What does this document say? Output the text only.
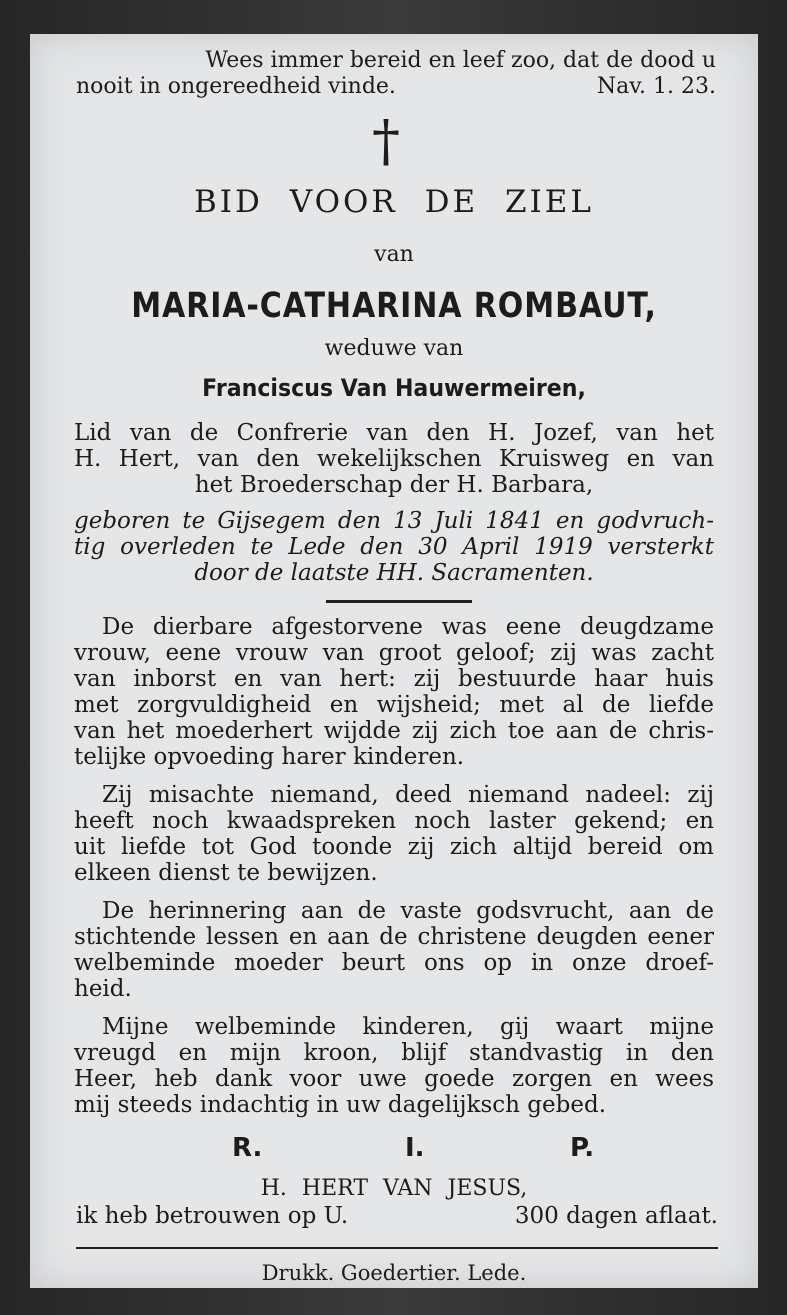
Wees immer bereid en leef zoo, dat de dood u
nooit in ongereedheid vinde.	Nav. 1. 23.
†
BID VOOR DE ZIEL
van
MARIA-CATHARINA ROMBAUT,
weduwe van
Franciscus Van Hauwermeiren,
Lid van de Confrerie van den H. Jozef, van het
H. Hert, van den wekelijkschen Kruisweg en van
het Broederschap der H. Barbara,
geboren te Gijsegem den 13 Juli 1841 en godvruch-
tig overleden te Lede den 30 April 1919 versterkt
door de laatste HH. Sacramenten.
De dierbare afgestorvene was eene deugdzame
vrouw, eene vrouw van groot geloof; zij was zacht
van inborst en van hert: zij bestuurde haar huis
met zorgvuldigheid en wijsheid; met al de liefde
van het moederhert wijdde zij zich toe aan de chris-
telijke opvoeding harer kinderen.
Zij misachte niemand, deed niemand nadeel: zij
heeft noch kwaadspreken noch laster gekend; en
uit liefde tot God toonde zij zich altijd bereid om
elkeen dienst te bewijzen.
De herinnering aan de vaste godsvrucht, aan de
stichtende lessen en aan de christene deugden eener
welbeminde moeder beurt ons op in onze droef-
heid.
Mijne welbeminde kinderen, gij waart mijne
vreugd en mijn kroon, blijf standvastig in den
Heer, heb dank voor uwe goede zorgen en wees
mij steeds indachtig in uw dagelijksch gebed.
R.	I.	P.
H. HERT VAN JESUS,
ik heb betrouwen op U.	300 dagen aflaat.
Drukk. Goedertier. Lede.
